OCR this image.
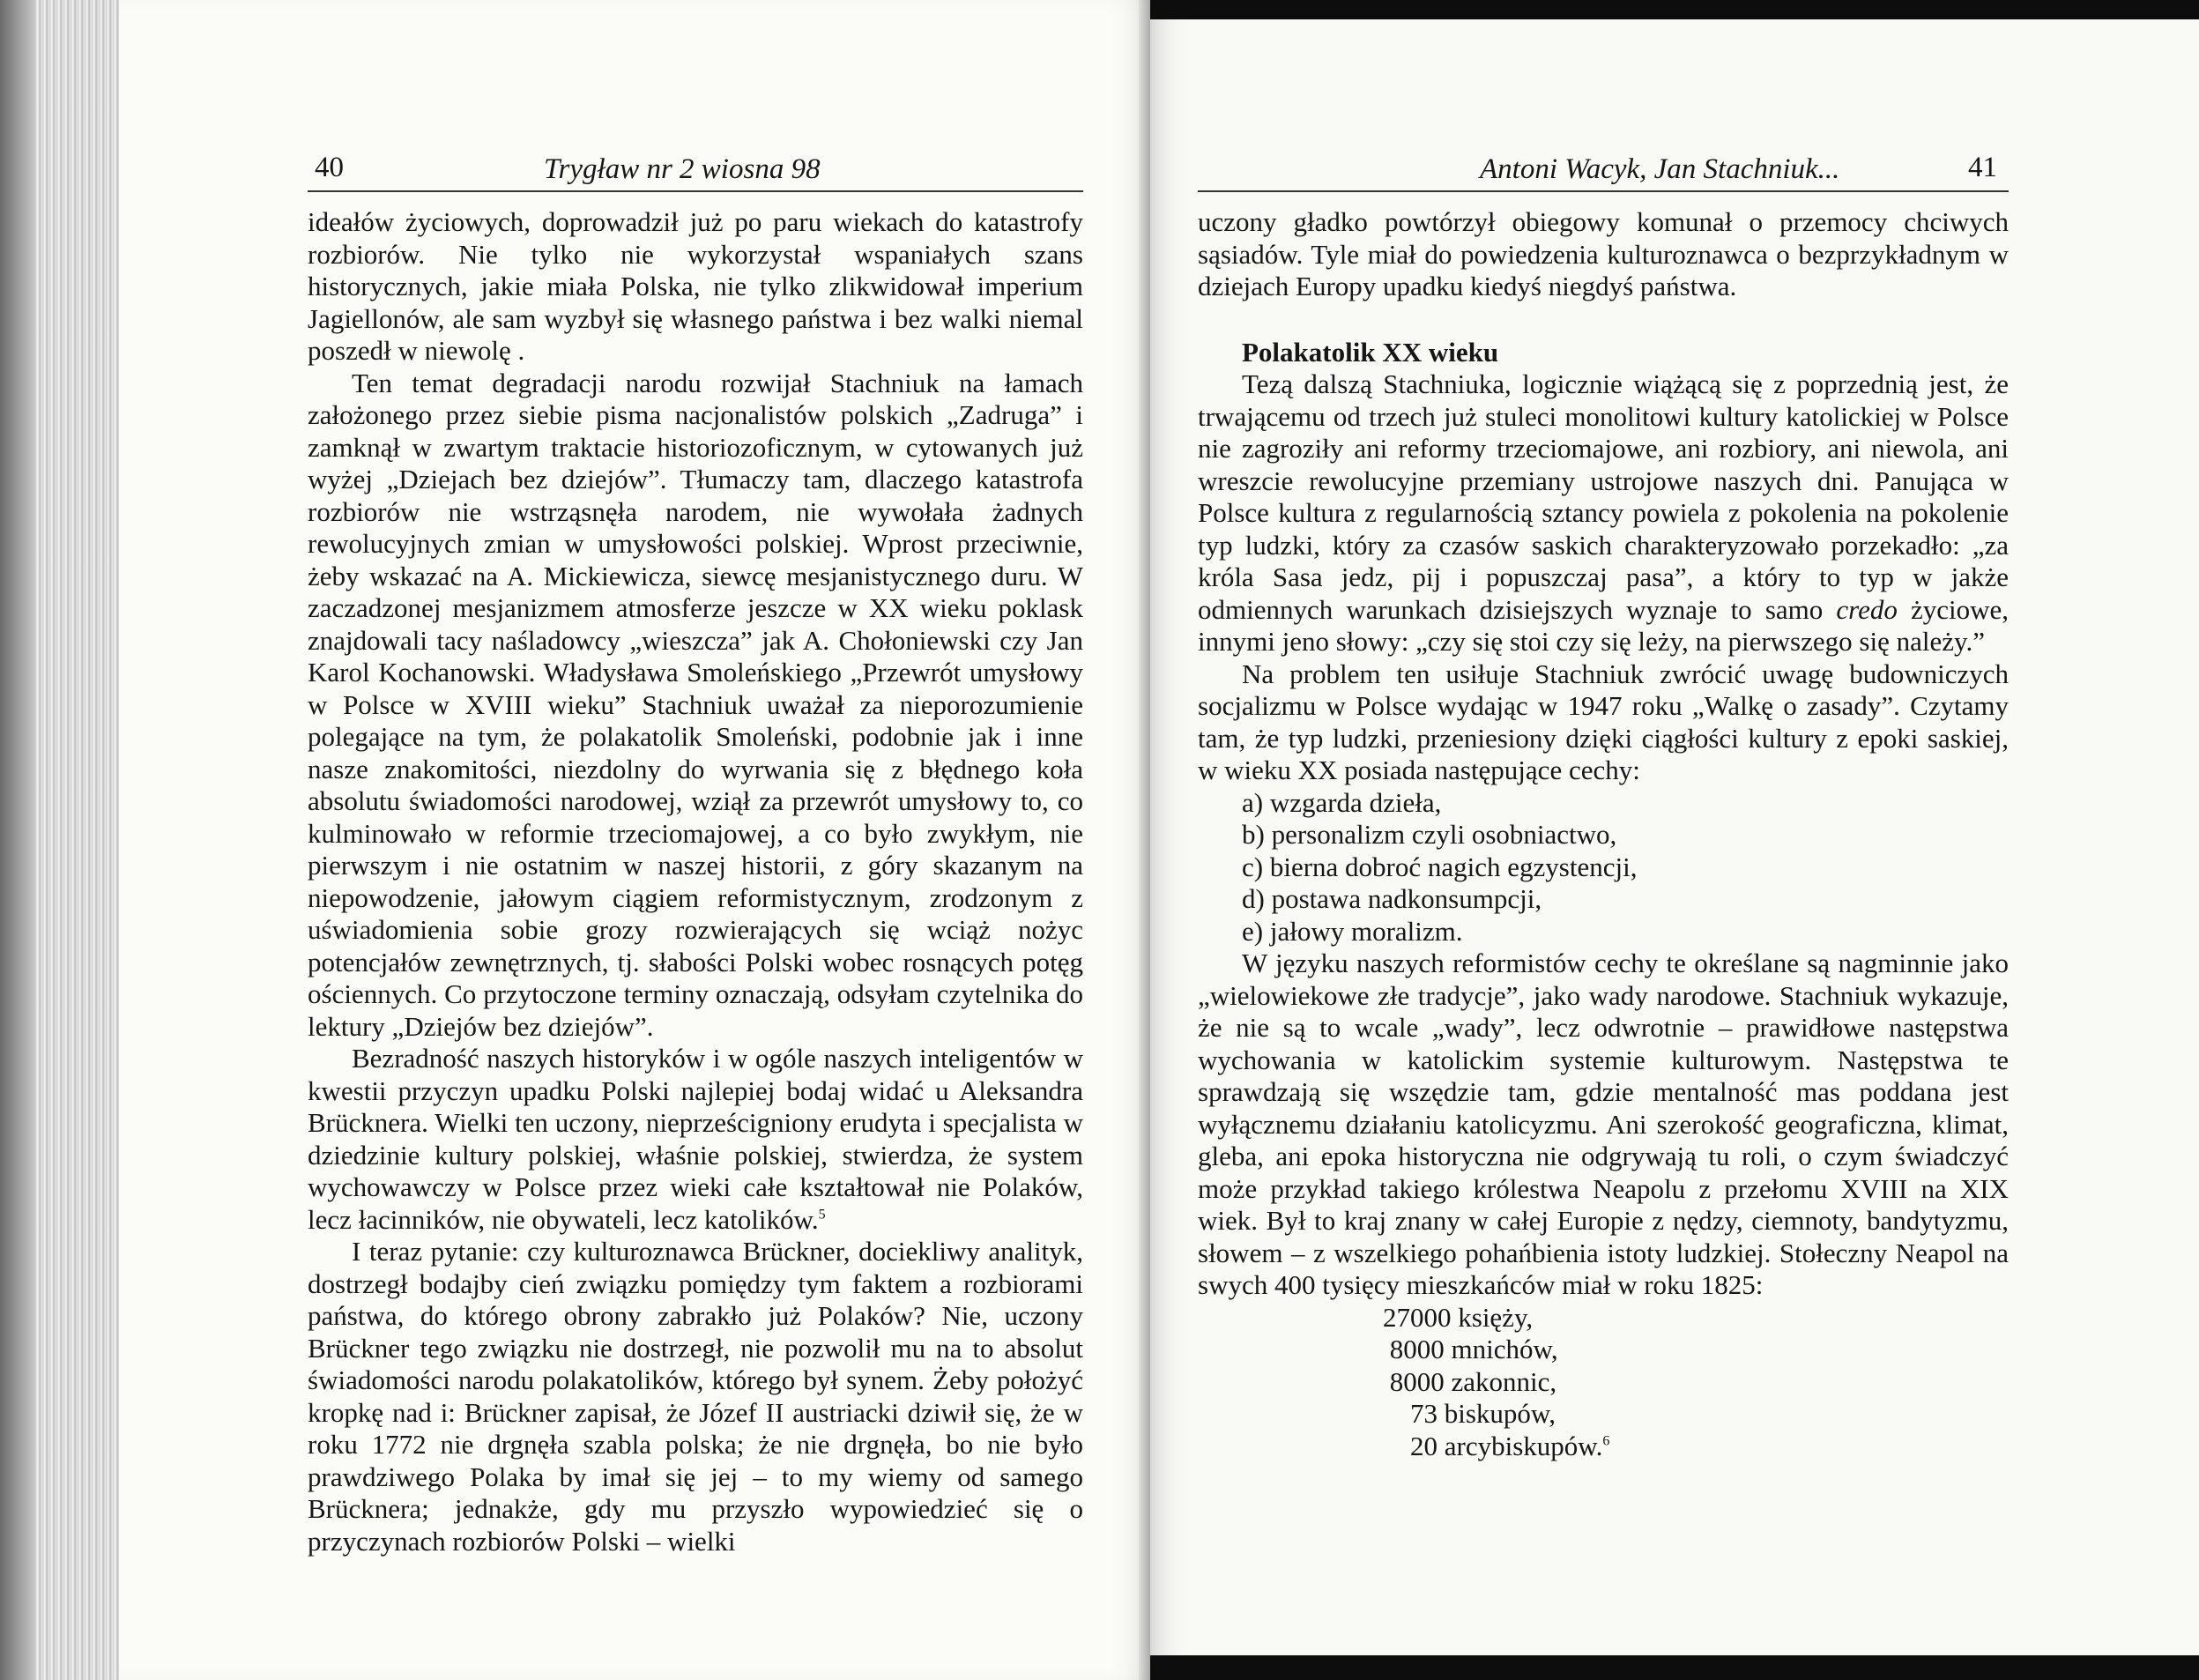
40	Trygław nr 2 wiosna 98

ideałów życiowych, doprowadził już po paru wiekach do katastrofy rozbiorów. Nie tylko nie wykorzystał wspaniałych szans historycznych, jakie miała Polska, nie tylko zlikwidował imperium Jagiellonów, ale sam wyzbył się własnego państwa i bez walki niemal poszedł w niewolę .

Ten temat degradacji narodu rozwijał Stachniuk na łamach założonego przez siebie pisma nacjonalistów polskich „Zadruga” i zamknął w zwartym traktacie historiozoficznym, w cytowanych już wyżej „Dziejach bez dziejów”. Tłumaczy tam, dlaczego katastrofa rozbiorów nie wstrząsnęła narodem, nie wywołała żadnych rewolucyjnych zmian w umysłowości polskiej. Wprost przeciwnie, żeby wskazać na A. Mickiewicza, siewcę mesjanistycznego duru. W zaczadzonej mesjanizmem atmosferze jeszcze w XX wieku poklask znajdowali tacy naśladowcy „wieszcza” jak A. Chołoniewski czy Jan Karol Kochanowski. Władysława Smoleńskiego „Przewrót umysłowy w Polsce w XVIII wieku” Stachniuk uważał za nieporozumienie polegające na tym, że polakatolik Smoleński, podobnie jak i inne nasze znakomitości, niezdolny do wyrwania się z błędnego koła absolutu świadomości narodowej, wziął za przewrót umysłowy to, co kulminowało w reformie trzeciomajowej, a co było zwykłym, nie pierwszym i nie ostatnim w naszej historii, z góry skazanym na niepowodzenie, jałowym ciągiem reformistycznym, zrodzonym z uświadomienia sobie grozy rozwierających się wciąż nożyc potencjałów zewnętrznych, tj. słabości Polski wobec rosnących potęg ościennych. Co przytoczone terminy oznaczają, odsyłam czytelnika do lektury „Dziejów bez dziejów”.

Bezradność naszych historyków i w ogóle naszych inteligentów w kwestii przyczyn upadku Polski najlepiej bodaj widać u Aleksandra Brücknera. Wielki ten uczony, nieprześcigniony erudyta i specjalista w dziedzinie kultury polskiej, właśnie polskiej, stwierdza, że system wychowawczy w Polsce przez wieki całe kształtował nie Polaków, lecz łacinników, nie obywateli, lecz katolików.$^5$

I teraz pytanie: czy kulturoznawca Brückner, dociekliwy analityk, dostrzegł bodajby cień związku pomiędzy tym faktem a rozbiorami państwa, do którego obrony zabrakło już Polaków? Nie, uczony Brückner tego związku nie dostrzegł, nie pozwolił mu na to absolut świadomości narodu polakatolików, którego był synem. Żeby położyć kropkę nad i: Brückner zapisał, że Józef II austriacki dziwił się, że w roku 1772 nie drgnęła szabla polska; że nie drgnęła, bo nie było prawdziwego Polaka by imał się jej – to my wiemy od samego Brücknera; jednakże, gdy mu przyszło wypowiedzieć się o przyczynach rozbiorów Polski – wielki

Antoni Wacyk, Jan Stachniuk...	41

uczony gładko powtórzył obiegowy komunał o przemocy chciwych sąsiadów. Tyle miał do powiedzenia kulturoznawca o bezprzykładnym w dziejach Europy upadku kiedyś niegdyś państwa.

Polakatolik XX wieku

Tezą dalszą Stachniuka, logicznie wiążącą się z poprzednią jest, że trwającemu od trzech już stuleci monolitowi kultury katolickiej w Polsce nie zagroziły ani reformy trzeciomajowe, ani rozbiory, ani niewola, ani wreszcie rewolucyjne przemiany ustrojowe naszych dni. Panująca w Polsce kultura z regularnością sztancy powiela z pokolenia na pokolenie typ ludzki, który za czasów saskich charakteryzowało porzekadło: „za króla Sasa jedz, pij i popuszczaj pasa”, a który to typ w jakże odmiennych warunkach dzisiejszych wyznaje to samo credo życiowe, innymi jeno słowy: „czy się stoi czy się leży, na pierwszego się należy.”

Na problem ten usiłuje Stachniuk zwrócić uwagę budowniczych socjalizmu w Polsce wydając w 1947 roku „Walkę o zasady”. Czytamy tam, że typ ludzki, przeniesiony dzięki ciągłości kultury z epoki saskiej, w wieku XX posiada następujące cechy:

a) wzgarda dzieła,
b) personalizm czyli osobniactwo,
c) bierna dobroć nagich egzystencji,
d) postawa nadkonsumpcji,
e) jałowy moralizm.

W języku naszych reformistów cechy te określane są nagminnie jako „wielowiekowe złe tradycje”, jako wady narodowe. Stachniuk wykazuje, że nie są to wcale „wady”, lecz odwrotnie – prawidłowe następstwa wychowania w katolickim systemie kulturowym. Następstwa te sprawdzają się wszędzie tam, gdzie mentalność mas poddana jest wyłącznemu działaniu katolicyzmu. Ani szerokość geograficzna, klimat, gleba, ani epoka historyczna nie odgrywają tu roli, o czym świadczyć może przykład takiego królestwa Neapolu z przełomu XVIII na XIX wiek. Był to kraj znany w całej Europie z nędzy, ciemnoty, bandytyzmu, słowem – z wszelkiego pohańbienia istoty ludzkiej. Stołeczny Neapol na swych 400 tysięcy mieszkańców miał w roku 1825:

27000 księży,
8000 mnichów,
8000 zakonnic,
73 biskupów,
20 arcybiskupów.$^6$
